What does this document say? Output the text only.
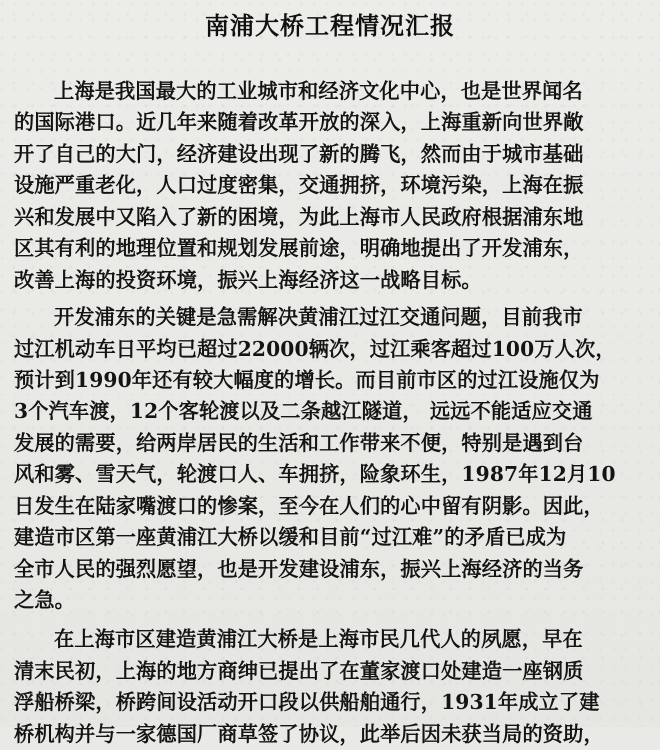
南浦大桥工程情况汇报
上海是我国最大的工业城市和经济文化中心，也是世界闻名
的国际港口。近几年来随着改革开放的深入，上海重新向世界敞
开了自己的大门，经济建设出现了新的腾飞，然而由于城市基础
设施严重老化，人口过度密集，交通拥挤，环境污染，上海在振
兴和发展中又陷入了新的困境，为此上海市人民政府根据浦东地
区其有利的地理位置和规划发展前途，明确地提出了开发浦东，
改善上海的投资环境，振兴上海经济这一战略目标。
开发浦东的关键是急需解决黄浦江过江交通问题，目前我市
过江机动车日平均已超过22000辆次，过江乘客超过100万人次，
预计到1990年还有较大幅度的增长。而目前市区的过江设施仅为
3个汽车渡，12个客轮渡以及二条越江隧道， 远远不能适应交通
发展的需要，给两岸居民的生活和工作带来不便，特别是遇到台
风和雾、雪天气，轮渡口人、车拥挤，险象环生，1987年12月10
日发生在陆家嘴渡口的惨案，至今在人们的心中留有阴影。因此，
建造市区第一座黄浦江大桥以缓和目前“过江难”的矛盾已成为
全市人民的强烈愿望，也是开发建设浦东，振兴上海经济的当务
之急。
在上海市区建造黄浦江大桥是上海市民几代人的夙愿，早在
清末民初，上海的地方商绅已提出了在董家渡口处建造一座钢质
浮船桥梁，桥跨间设活动开口段以供船舶通行，1931年成立了建
桥机构并与一家德国厂商草签了协议，此举后因未获当局的资助，
